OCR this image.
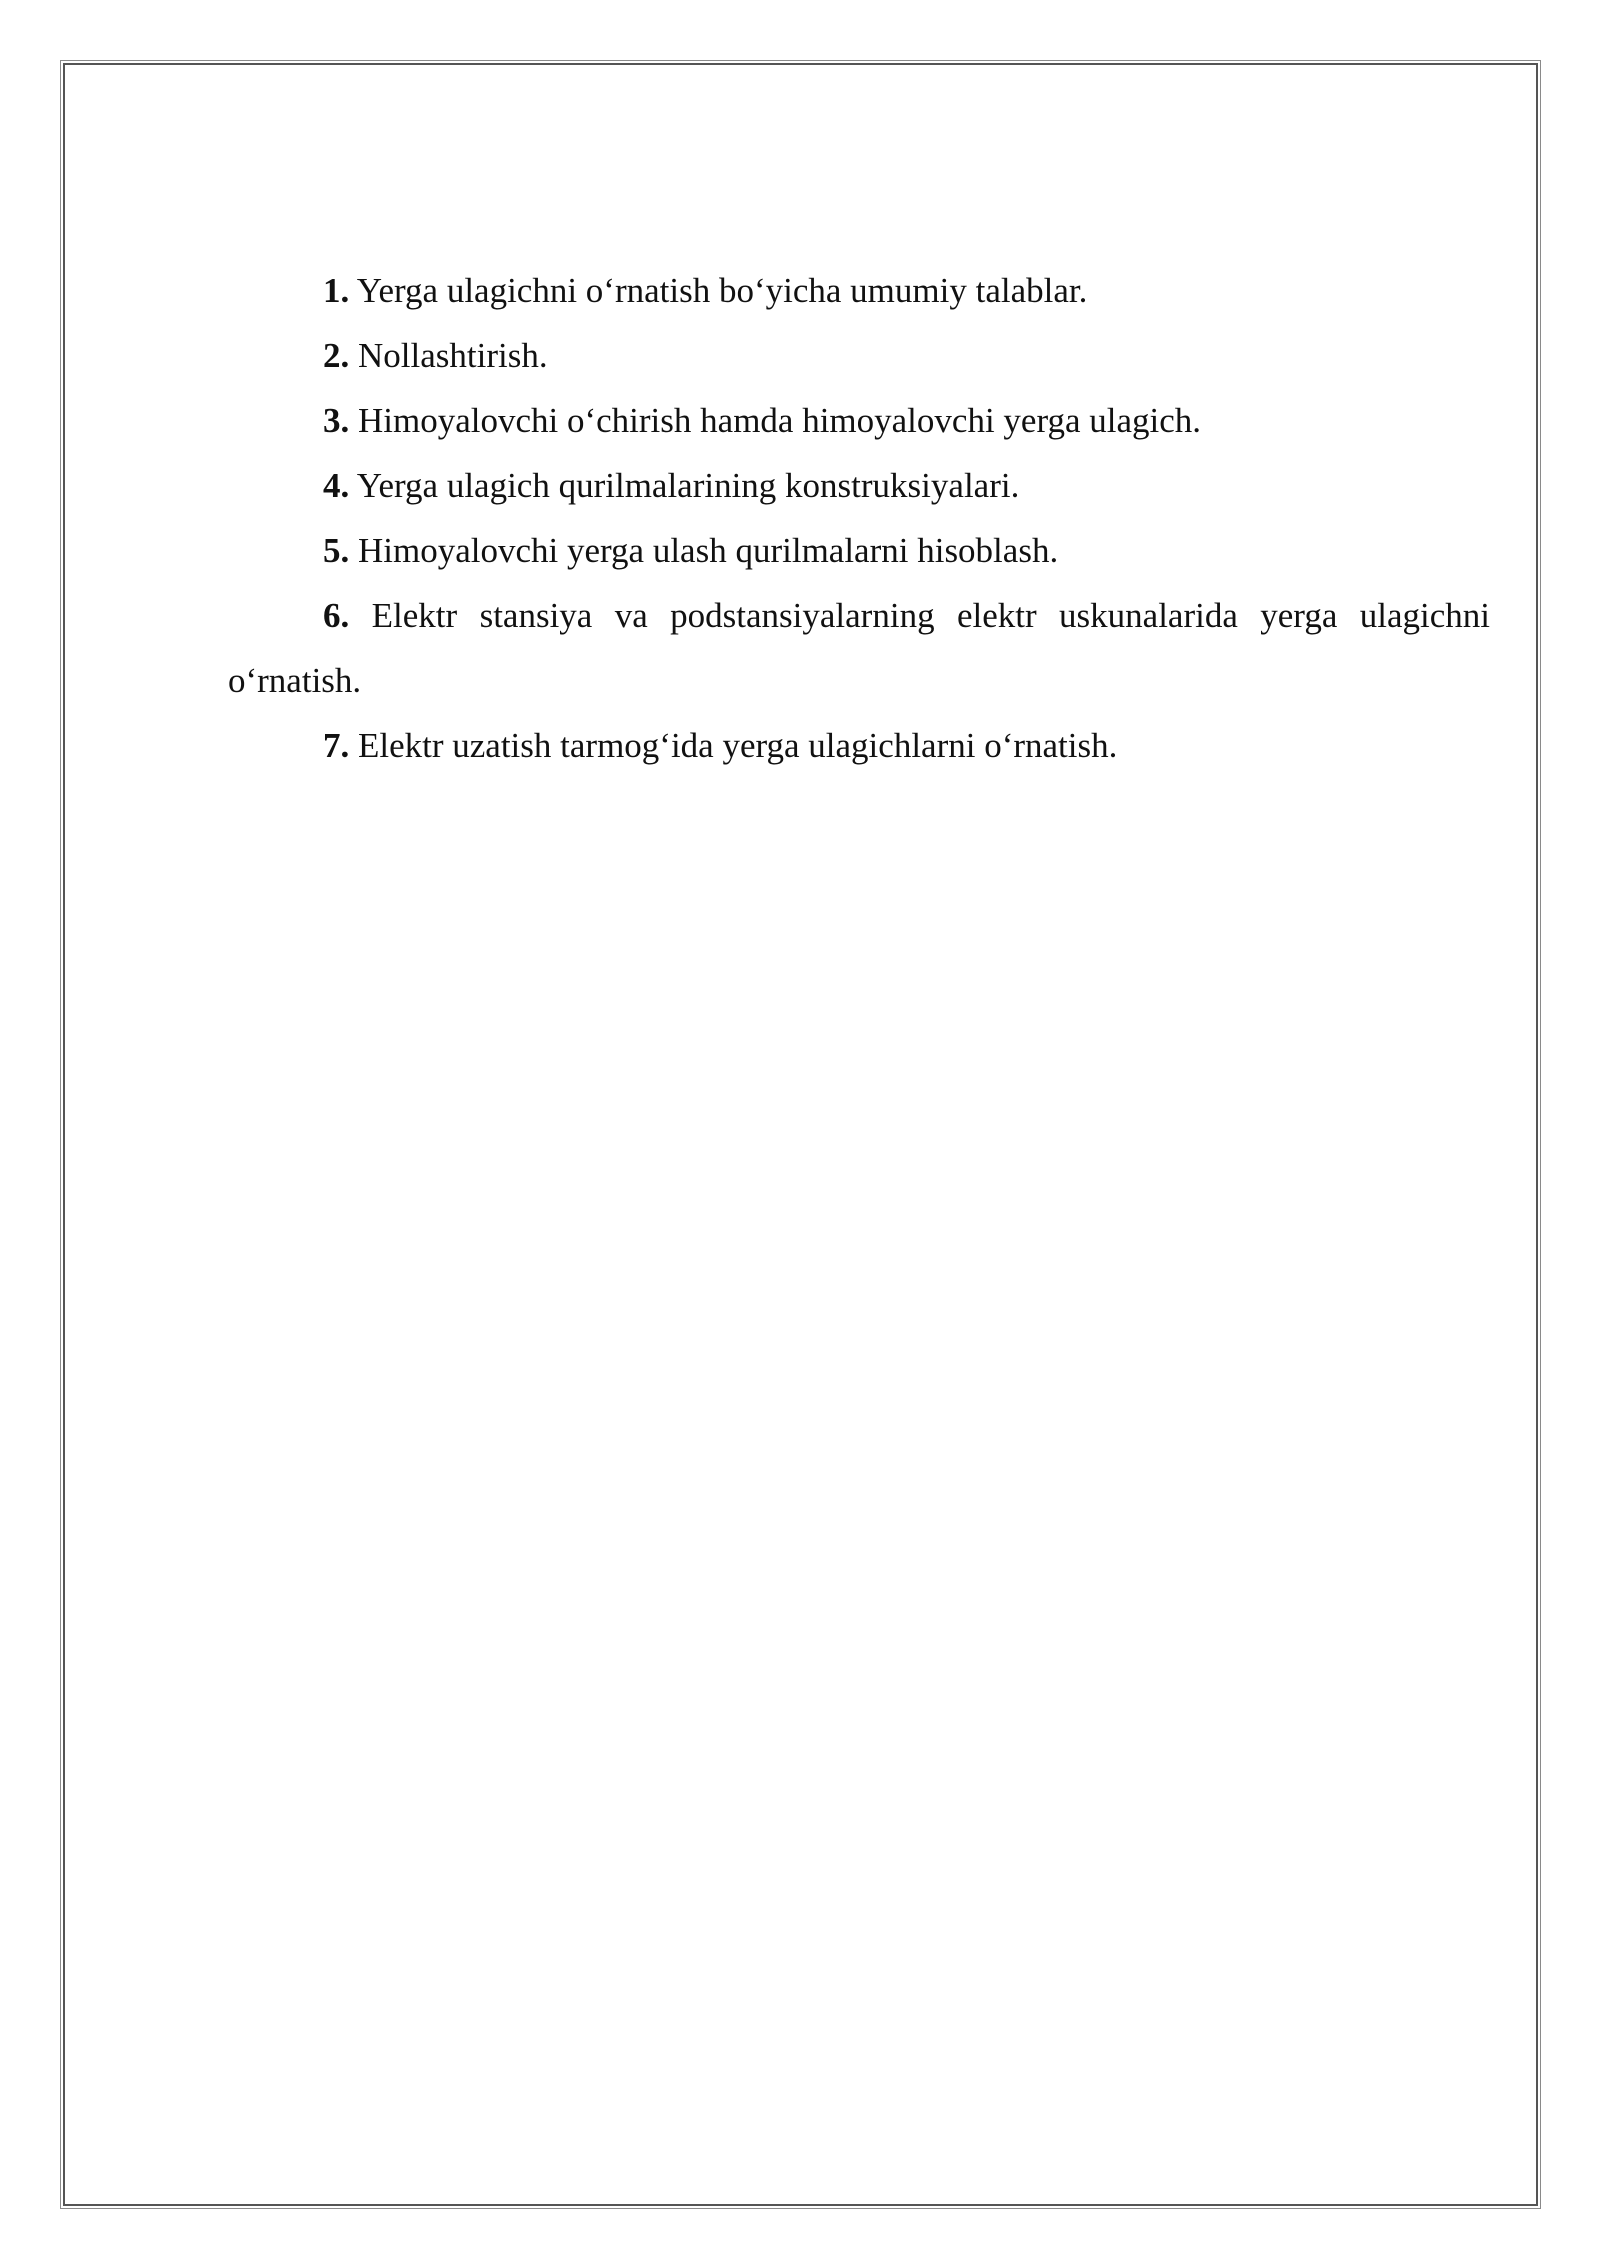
1. Yerga ulagichni o‘rnatish bo‘yicha umumiy talablar.

2. Nollashtirish.

3. Himoyalovchi o‘chirish hamda himoyalovchi yerga ulagich.

4. Yerga ulagich qurilmalarining konstruksiyalari.

5. Himoyalovchi yerga ulash qurilmalarni hisoblash.

6. Elektr stansiya va podstansiyalarning elektr uskunalarida yerga ulagichni o‘rnatish.

7. Elektr uzatish tarmog‘ida yerga ulagichlarni o‘rnatish.
